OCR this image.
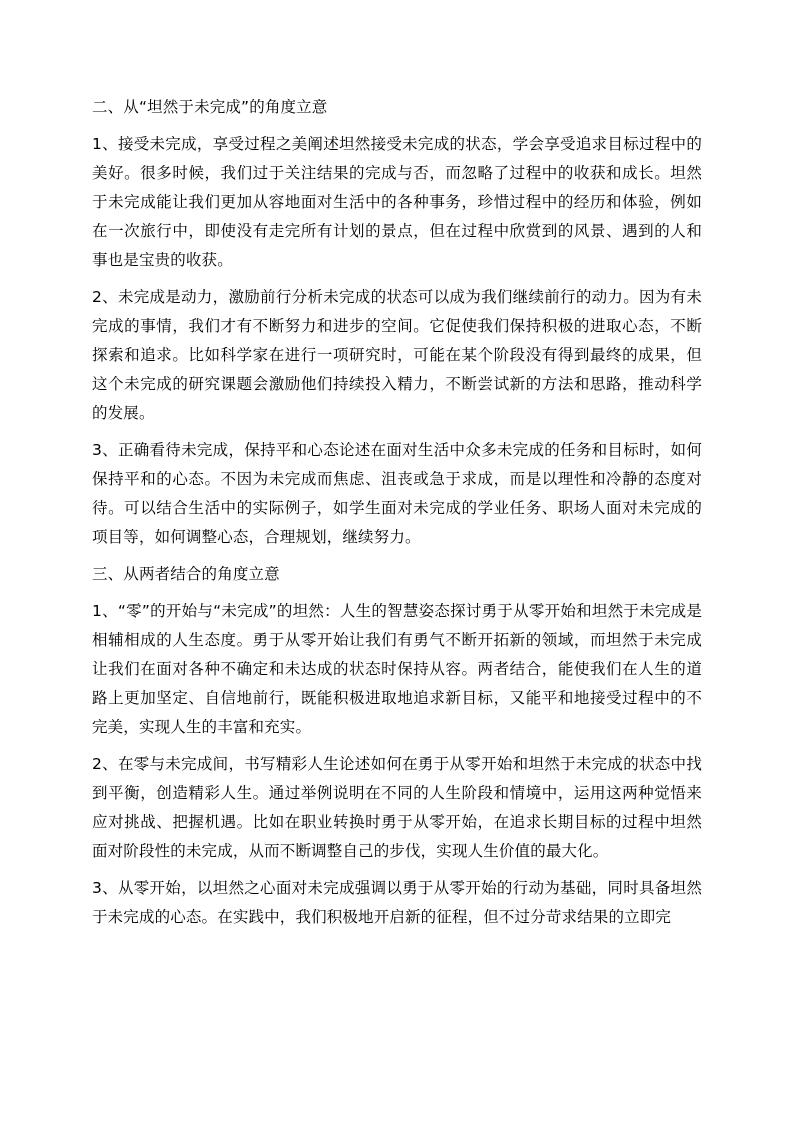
二、从“坦然于未完成”的角度立意

1、接受未完成，享受过程之美阐述坦然接受未完成的状态，学会享受追求目标过程中的美好。很多时候，我们过于关注结果的完成与否，而忽略了过程中的收获和成长。坦然于未完成能让我们更加从容地面对生活中的各种事务，珍惜过程中的经历和体验，例如在一次旅行中，即使没有走完所有计划的景点，但在过程中欣赏到的风景、遇到的人和事也是宝贵的收获。

2、未完成是动力，激励前行分析未完成的状态可以成为我们继续前行的动力。因为有未完成的事情，我们才有不断努力和进步的空间。它促使我们保持积极的进取心态，不断探索和追求。比如科学家在进行一项研究时，可能在某个阶段没有得到最终的成果，但这个未完成的研究课题会激励他们持续投入精力，不断尝试新的方法和思路，推动科学的发展。

3、正确看待未完成，保持平和心态论述在面对生活中众多未完成的任务和目标时，如何保持平和的心态。不因为未完成而焦虑、沮丧或急于求成，而是以理性和冷静的态度对待。可以结合生活中的实际例子，如学生面对未完成的学业任务、职场人面对未完成的项目等，如何调整心态，合理规划，继续努力。

三、从两者结合的角度立意

1、“零”的开始与“未完成”的坦然：人生的智慧姿态探讨勇于从零开始和坦然于未完成是相辅相成的人生态度。勇于从零开始让我们有勇气不断开拓新的领域，而坦然于未完成让我们在面对各种不确定和未达成的状态时保持从容。两者结合，能使我们在人生的道路上更加坚定、自信地前行，既能积极进取地追求新目标，又能平和地接受过程中的不完美，实现人生的丰富和充实。

2、在零与未完成间，书写精彩人生论述如何在勇于从零开始和坦然于未完成的状态中找到平衡，创造精彩人生。通过举例说明在不同的人生阶段和情境中，运用这两种觉悟来应对挑战、把握机遇。比如在职业转换时勇于从零开始，在追求长期目标的过程中坦然面对阶段性的未完成，从而不断调整自己的步伐，实现人生价值的最大化。

3、从零开始，以坦然之心面对未完成强调以勇于从零开始的行动为基础，同时具备坦然于未完成的心态。在实践中，我们积极地开启新的征程，但不过分苛求结果的立即完
